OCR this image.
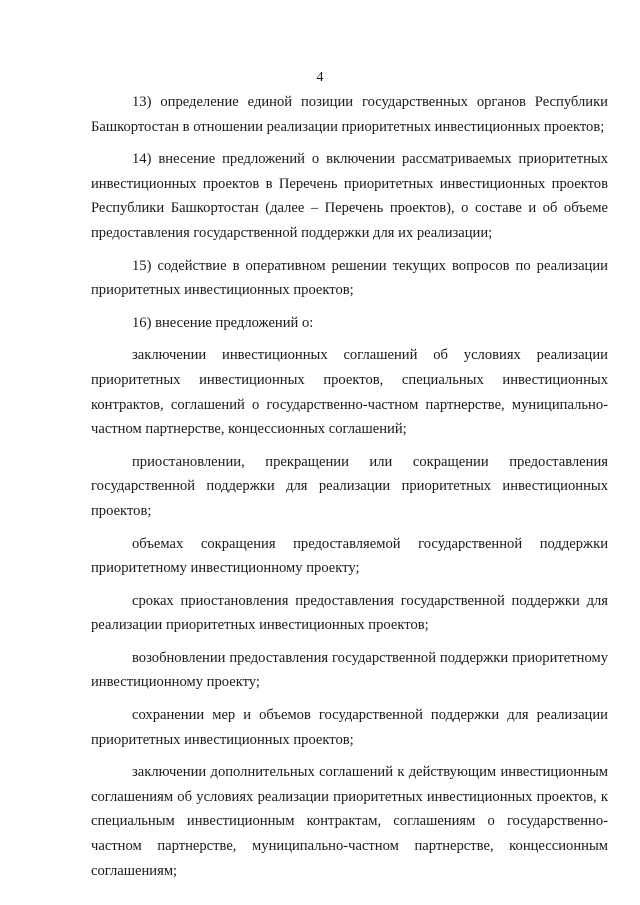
4

13) определение единой позиции государственных органов Республики Башкортостан в отношении реализации приоритетных инвестиционных проектов;

14) внесение предложений о включении рассматриваемых приоритетных инвестиционных проектов в Перечень приоритетных инвестиционных проектов Республики Башкортостан (далее – Перечень проектов), о составе и об объеме предоставления государственной поддержки для их реализации;

15) содействие в оперативном решении текущих вопросов по реализации приоритетных инвестиционных проектов;

16) внесение предложений о:

заключении инвестиционных соглашений об условиях реализации приоритетных инвестиционных проектов, специальных инвестиционных контрактов, соглашений о государственно-частном партнерстве, муниципально-частном партнерстве, концессионных соглашений;

приостановлении, прекращении или сокращении предоставления государственной поддержки для реализации приоритетных инвестиционных проектов;

объемах сокращения предоставляемой государственной поддержки приоритетному инвестиционному проекту;

сроках приостановления предоставления государственной поддержки для реализации приоритетных инвестиционных проектов;

возобновлении предоставления государственной поддержки приоритетному инвестиционному проекту;

сохранении мер и объемов государственной поддержки для реализации приоритетных инвестиционных проектов;

заключении дополнительных соглашений к действующим инвестиционным соглашениям об условиях реализации приоритетных инвестиционных проектов, к специальным инвестиционным контрактам, соглашениям о государственно-частном партнерстве, муниципально-частном партнерстве, концессионным соглашениям;
